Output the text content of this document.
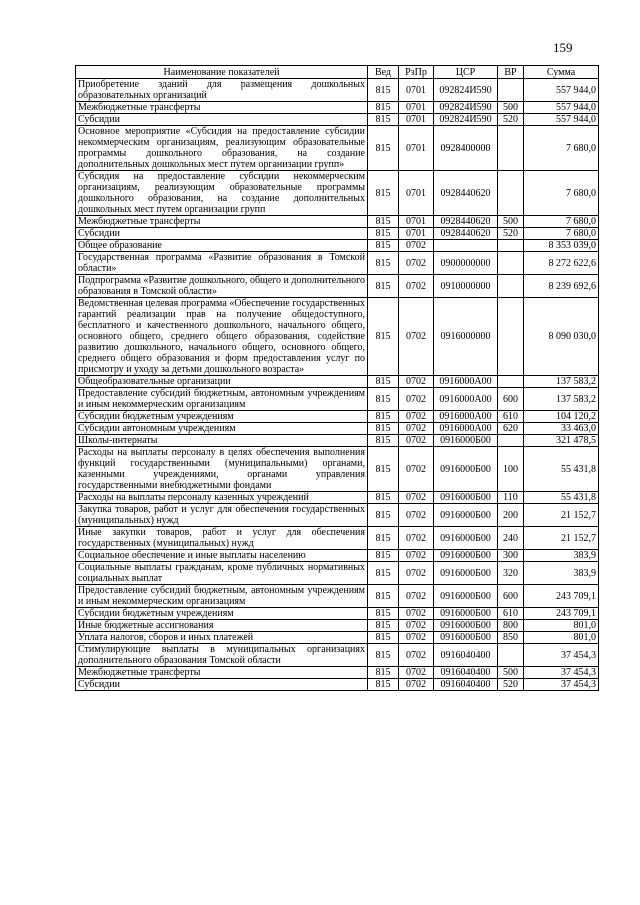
159
Наименование показателей	Вед	РзПр	ЦСР	ВР	Сумма
Приобретение зданий для размещения дошкольных образовательных организаций	815	0701	092824И590		557 944,0
Межбюджетные трансферты	815	0701	092824И590	500	557 944,0
Субсидии	815	0701	092824И590	520	557 944,0
Основное мероприятие «Субсидия на предоставление субсидии некоммерческим организациям, реализующим образовательные программы дошкольного образования, на создание дополнительных дошкольных мест путем организации групп»	815	0701	0928400000		7 680,0
Субсидия на предоставление субсидии некоммерческим организациям, реализующим образовательные программы дошкольного образования, на создание дополнительных дошкольных мест путем организации групп	815	0701	0928440620		7 680,0
Межбюджетные трансферты	815	0701	0928440620	500	7 680,0
Субсидии	815	0701	0928440620	520	7 680,0
Общее образование	815	0702			8 353 039,0
Государственная программа «Развитие образования в Томской области»	815	0702	0900000000		8 272 622,6
Подпрограмма «Развитие дошкольного, общего и дополнительного образования в Томской области»	815	0702	0910000000		8 239 692,6
Ведомственная целевая программа «Обеспечение государственных гарантий реализации прав на получение общедоступного, бесплатного и качественного дошкольного, начального общего, основного общего, среднего общего образования, содействие развитию дошкольного, начального общего, основного общего, среднего общего образования и форм предоставления услуг по присмотру и уходу за детьми дошкольного возраста»	815	0702	0916000000		8 090 030,0
Общеобразовательные организации	815	0702	0916000А00		137 583,2
Предоставление субсидий бюджетным, автономным учреждениям и иным некоммерческим организациям	815	0702	0916000А00	600	137 583,2
Субсидии бюджетным учреждениям	815	0702	0916000А00	610	104 120,2
Субсидии автономным учреждениям	815	0702	0916000А00	620	33 463,0
Школы-интернаты	815	0702	0916000Б00		321 478,5
Расходы на выплаты персоналу в целях обеспечения выполнения функций государственными (муниципальными) органами, казенными учреждениями, органами управления государственными внебюджетными фондами	815	0702	0916000Б00	100	55 431,8
Расходы на выплаты персоналу казенных учреждений	815	0702	0916000Б00	110	55 431,8
Закупка товаров, работ и услуг для обеспечения государственных (муниципальных) нужд	815	0702	0916000Б00	200	21 152,7
Иные закупки товаров, работ и услуг для обеспечения государственных (муниципальных) нужд	815	0702	0916000Б00	240	21 152,7
Социальное обеспечение и иные выплаты населению	815	0702	0916000Б00	300	383,9
Социальные выплаты гражданам, кроме публичных нормативных социальных выплат	815	0702	0916000Б00	320	383,9
Предоставление субсидий бюджетным, автономным учреждениям и иным некоммерческим организациям	815	0702	0916000Б00	600	243 709,1
Субсидии бюджетным учреждениям	815	0702	0916000Б00	610	243 709,1
Иные бюджетные ассигнования	815	0702	0916000Б00	800	801,0
Уплата налогов, сборов и иных платежей	815	0702	0916000Б00	850	801,0
Стимулирующие выплаты в муниципальных организациях дополнительного образования Томской области	815	0702	0916040400		37 454,3
Межбюджетные трансферты	815	0702	0916040400	500	37 454,3
Субсидии	815	0702	0916040400	520	37 454,3
